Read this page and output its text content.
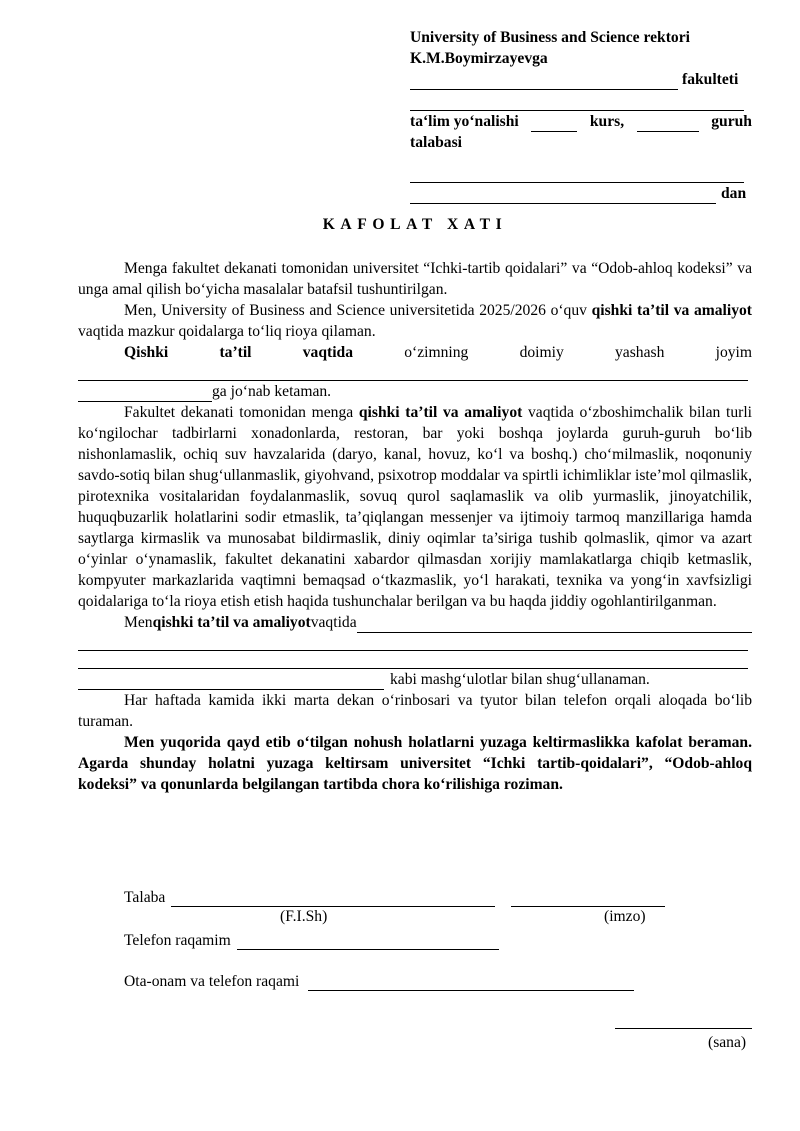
University of Business and Science rektori

K.M.Boymirzayevga

fakulteti
ta‘lim yo‘nalishi	kurs,	guruh

talabasi

dan
KAFOLAT XATI

Menga fakultet dekanati tomonidan universitet “Ichki-tartib qoidalari” va “Odob-ahloq kodeksi” va unga amal qilish bo‘yicha masalalar batafsil tushuntirilgan.

Men, University of Business and Science universitetida 2025/2026 o‘quv qishki ta’til va amaliyot vaqtida mazkur qoidalarga to‘liq rioya qilaman.

Qishki	ta’til	vaqtida	o‘zimning	doimiy	yashash	joyim
ga jo‘nab ketaman.

Fakultet dekanati tomonidan menga qishki ta’til va amaliyot vaqtida o‘zboshimchalik bilan turli ko‘ngilochar tadbirlarni xonadonlarda, restoran, bar yoki boshqa joylarda guruh-guruh bo‘lib nishonlamaslik, ochiq suv havzalarida (daryo, kanal, hovuz, ko‘l va boshq.) cho‘milmaslik, noqonuniy savdo-sotiq bilan shug‘ullanmaslik, giyohvand, psixotrop moddalar va spirtli ichimliklar iste’mol qilmaslik, pirotexnika vositalaridan foydalanmaslik, sovuq qurol saqlamaslik va olib yurmaslik, jinoyatchilik, huquqbuzarlik holatlarini sodir etmaslik, ta’qiqlangan messenjer va ijtimoiy tarmoq manzillariga hamda saytlarga kirmaslik va munosabat bildirmaslik, diniy oqimlar ta’siriga tushib qolmaslik, qimor va azart o‘yinlar o‘ynamaslik, fakultet dekanatini xabardor qilmasdan xorijiy mamlakatlarga chiqib ketmaslik, kompyuter markazlarida vaqtimni bemaqsad o‘tkazmaslik, yo‘l harakati, texnika va yong‘in xavfsizligi qoidalariga to‘la rioya etish etish haqida tushunchalar berilgan va bu haqda jiddiy ogohlantirilganman.

Men qishki ta’til va amaliyot vaqtida
kabi mashg‘ulotlar bilan shug‘ullanaman.

Har haftada kamida ikki marta dekan o‘rinbosari va tyutor bilan telefon orqali aloqada bo‘lib turaman.

Men yuqorida qayd etib o‘tilgan nohush holatlarni yuzaga keltirmaslikka kafolat beraman. Agarda shunday holatni yuzaga keltirsam universitet “Ichki tartib-qoidalari”, “Odob-ahloq kodeksi” va qonunlarda belgilangan tartibda chora ko‘rilishiga roziman.

Talaba
(F.I.Sh)	(imzo)
Telefon raqamim
Ota-onam va telefon raqami
(sana)
